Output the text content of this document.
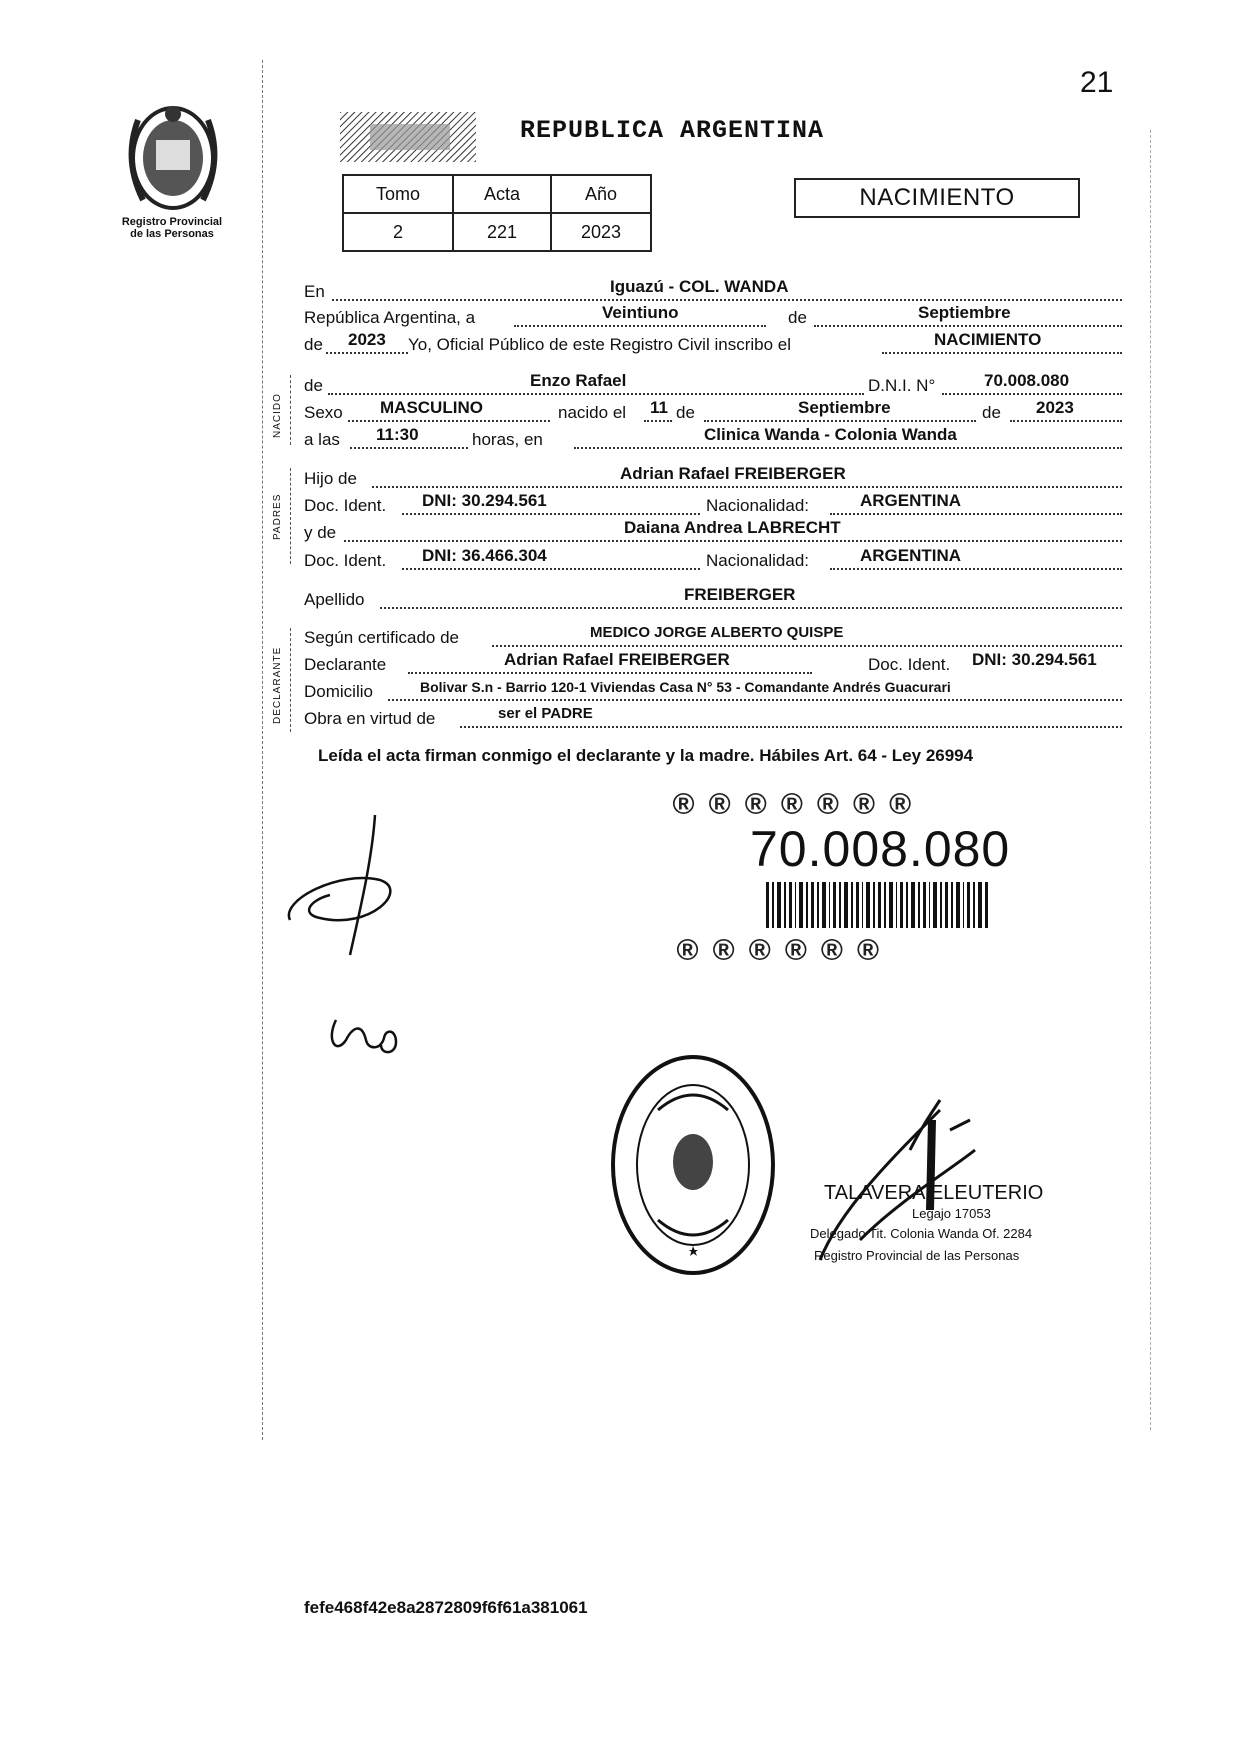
21
Registro Provincial
de las Personas
REPUBLICA ARGENTINA
Tomo	Acta	Año
2	221	2023
NACIMIENTO
En	Iguazú - COL. WANDA
República Argentina, a	Veintiuno	de	Septiembre
de 2023 Yo, Oficial Público de este Registro Civil inscribo el	NACIMIENTO
NACIDO
de	Enzo Rafael	D.N.I. N°	70.008.080
Sexo MASCULINO	nacido el 11 de	Septiembre	de 2023
a las 11:30	horas, en	Clinica Wanda - Colonia Wanda
PADRES
Hijo de	Adrian Rafael FREIBERGER
Doc. Ident. DNI: 30.294.561	Nacionalidad:	ARGENTINA
y de	Daiana Andrea LABRECHT
Doc. Ident. DNI: 36.466.304	Nacionalidad:	ARGENTINA
Apellido	FREIBERGER
DECLARANTE
Según certificado de	MEDICO JORGE ALBERTO QUISPE
Declarante	Adrian Rafael FREIBERGER	Doc. Ident. DNI: 30.294.561
Domicilio	Bolivar S.n - Barrio 120-1 Viviendas Casa N° 53 - Comandante Andrés Guacurari
Obra en virtud de	ser el PADRE
Leída el acta firman conmigo el declarante y la madre. Hábiles Art. 64 - Ley 26994
®®®®®®®
70.008.080
®®®®®®
TALAVERA ELEUTERIO
Legajo 17053
Delegado Tit. Colonia Wanda Of. 2284
Registro Provincial de las Personas
fefe468f42e8a2872809f6f61a381061
